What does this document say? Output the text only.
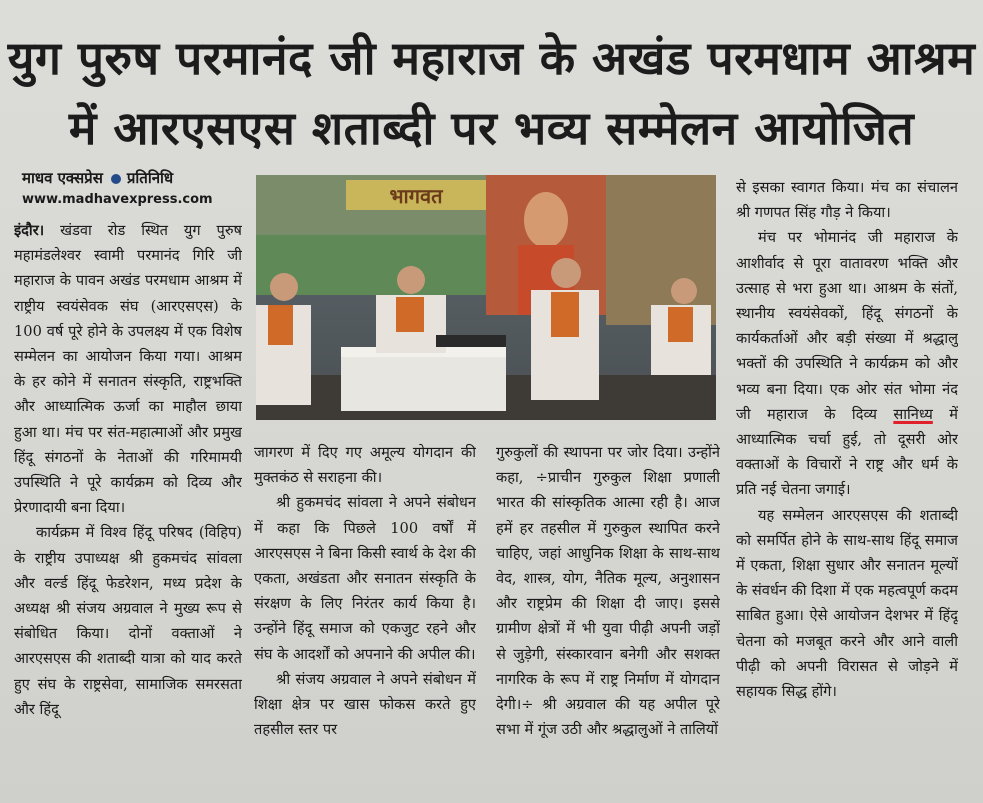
युग पुरुष परमानंद जी महाराज के अखंड परमधाम आश्रम
में आरएसएस शताब्दी पर भव्य सम्मेलन आयोजित
माधव एक्सप्रेस प्रतिनिधि
www.madhavexpress.com	भागवत

इंदौर। खंडवा रोड स्थित युग पुरुष महामंडलेश्वर स्वामी परमानंद गिरि जी महाराज के पावन अखंड परमधाम आश्रम में राष्ट्रीय स्वयंसेवक संघ (आरएसएस) के 100 वर्ष पूरे होने के उपलक्ष्य में एक विशेष सम्मेलन का आयोजन किया गया। आश्रम के हर कोने में सनातन संस्कृति, राष्ट्रभक्ति और आध्यात्मिक ऊर्जा का माहौल छाया हुआ था। मंच पर संत-महात्माओं और प्रमुख हिंदू संगठनों के नेताओं की गरिमामयी उपस्थिति ने पूरे कार्यक्रम को दिव्य और प्रेरणादायी बना दिया।

कार्यक्रम में विश्व हिंदू परिषद (विहिप) के राष्ट्रीय उपाध्यक्ष श्री हुकमचंद सांवला और वर्ल्ड हिंदू फेडरेशन, मध्य प्रदेश के अध्यक्ष श्री संजय अग्रवाल ने मुख्य रूप से संबोधित किया। दोनों वक्ताओं ने आरएसएस की शताब्दी यात्रा को याद करते हुए संघ के राष्ट्रसेवा, सामाजिक समरसता और हिंदू

जागरण में दिए गए अमूल्य योगदान की मुक्तकंठ से सराहना की।

श्री हुकमचंद सांवला ने अपने संबोधन में कहा कि पिछले 100 वर्षों में आरएसएस ने बिना किसी स्वार्थ के देश की एकता, अखंडता और सनातन संस्कृति के संरक्षण के लिए निरंतर कार्य किया है। उन्होंने हिंदू समाज को एकजुट रहने और संघ के आदर्शों को अपनाने की अपील की।

श्री संजय अग्रवाल ने अपने संबोधन में शिक्षा क्षेत्र पर खास फोकस करते हुए तहसील स्तर पर

गुरुकुलों की स्थापना पर जोर दिया। उन्होंने कहा, ÷प्राचीन गुरुकुल शिक्षा प्रणाली भारत की सांस्कृतिक आत्मा रही है। आज हमें हर तहसील में गुरुकुल स्थापित करने चाहिए, जहां आधुनिक शिक्षा के साथ-साथ वेद, शास्त्र, योग, नैतिक मूल्य, अनुशासन और राष्ट्रप्रेम की शिक्षा दी जाए। इससे ग्रामीण क्षेत्रों में भी युवा पीढ़ी अपनी जड़ों से जुड़ेगी, संस्कारवान बनेगी और सशक्त नागरिक के रूप में राष्ट्र निर्माण में योगदान देगी।÷ श्री अग्रवाल की यह अपील पूरे सभा में गूंज उठी और श्रद्धालुओं ने तालियों

से इसका स्वागत किया। मंच का संचालन श्री गणपत सिंह गौड़ ने किया।

मंच पर भोमानंद जी महाराज के आशीर्वाद से पूरा वातावरण भक्ति और उत्साह से भरा हुआ था। आश्रम के संतों, स्थानीय स्वयंसेवकों, हिंदू संगठनों के कार्यकर्ताओं और बड़ी संख्या में श्रद्धालु भक्तों की उपस्थिति ने कार्यक्रम को और भव्य बना दिया। एक ओर संत भोमा नंद जी महाराज के दिव्य सानिध्य में आध्यात्मिक चर्चा हुई, तो दूसरी ओर वक्ताओं के विचारों ने राष्ट्र और धर्म के प्रति नई चेतना जगाई।

यह सम्मेलन आरएसएस की शताब्दी को समर्पित होने के साथ-साथ हिंदू समाज में एकता, शिक्षा सुधार और सनातन मूल्यों के संवर्धन की दिशा में एक महत्वपूर्ण कदम साबित हुआ। ऐसे आयोजन देशभर में हिंदू चेतना को मजबूत करने और आने वाली पीढ़ी को अपनी विरासत से जोड़ने में सहायक सिद्ध होंगे।
